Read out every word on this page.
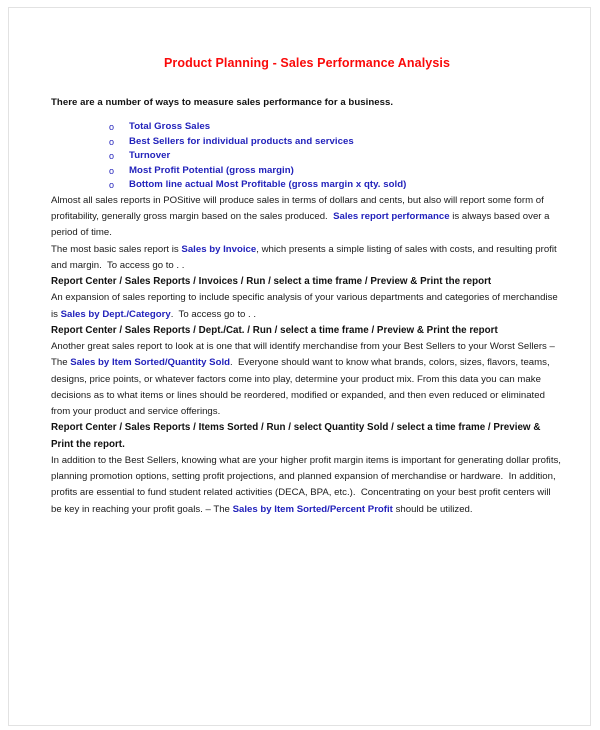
Product Planning - Sales Performance Analysis
There are a number of ways to measure sales performance for a business.
o Total Gross Sales
o Best Sellers for individual products and services
o Turnover
o Most Profit Potential (gross margin)
o Bottom line actual Most Profitable (gross margin x qty. sold)

Almost all sales reports in POSitive will produce sales in terms of dollars and cents, but also will report some form of profitability, generally gross margin based on the sales produced.  Sales report performance is always based over a period of time.

The most basic sales report is Sales by Invoice, which presents a simple listing of sales with costs, and resulting profit and margin.  To access go to . .

Report Center / Sales Reports / Invoices / Run / select a time frame / Preview & Print the report

An expansion of sales reporting to include specific analysis of your various departments and categories of merchandise is Sales by Dept./Category.  To access go to . .

Report Center / Sales Reports / Dept./Cat. / Run / select a time frame / Preview & Print the report

Another great sales report to look at is one that will identify merchandise from your Best Sellers to your Worst Sellers – The Sales by Item Sorted/Quantity Sold.  Everyone should want to know what brands, colors, sizes, flavors, teams, designs, price points, or whatever factors come into play, determine your product mix. From this data you can make decisions as to what items or lines should be reordered, modified or expanded, and then even reduced or eliminated from your product and service offerings.

Report Center / Sales Reports / Items Sorted / Run / select Quantity Sold / select a time frame / Preview & Print the report.

In addition to the Best Sellers, knowing what are your higher profit margin items is important for generating dollar profits, planning promotion options, setting profit projections, and planned expansion of merchandise or hardware.  In addition, profits are essential to fund student related activities (DECA, BPA, etc.).  Concentrating on your best profit centers will be key in reaching your profit goals. – The Sales by Item Sorted/Percent Profit should be utilized.
